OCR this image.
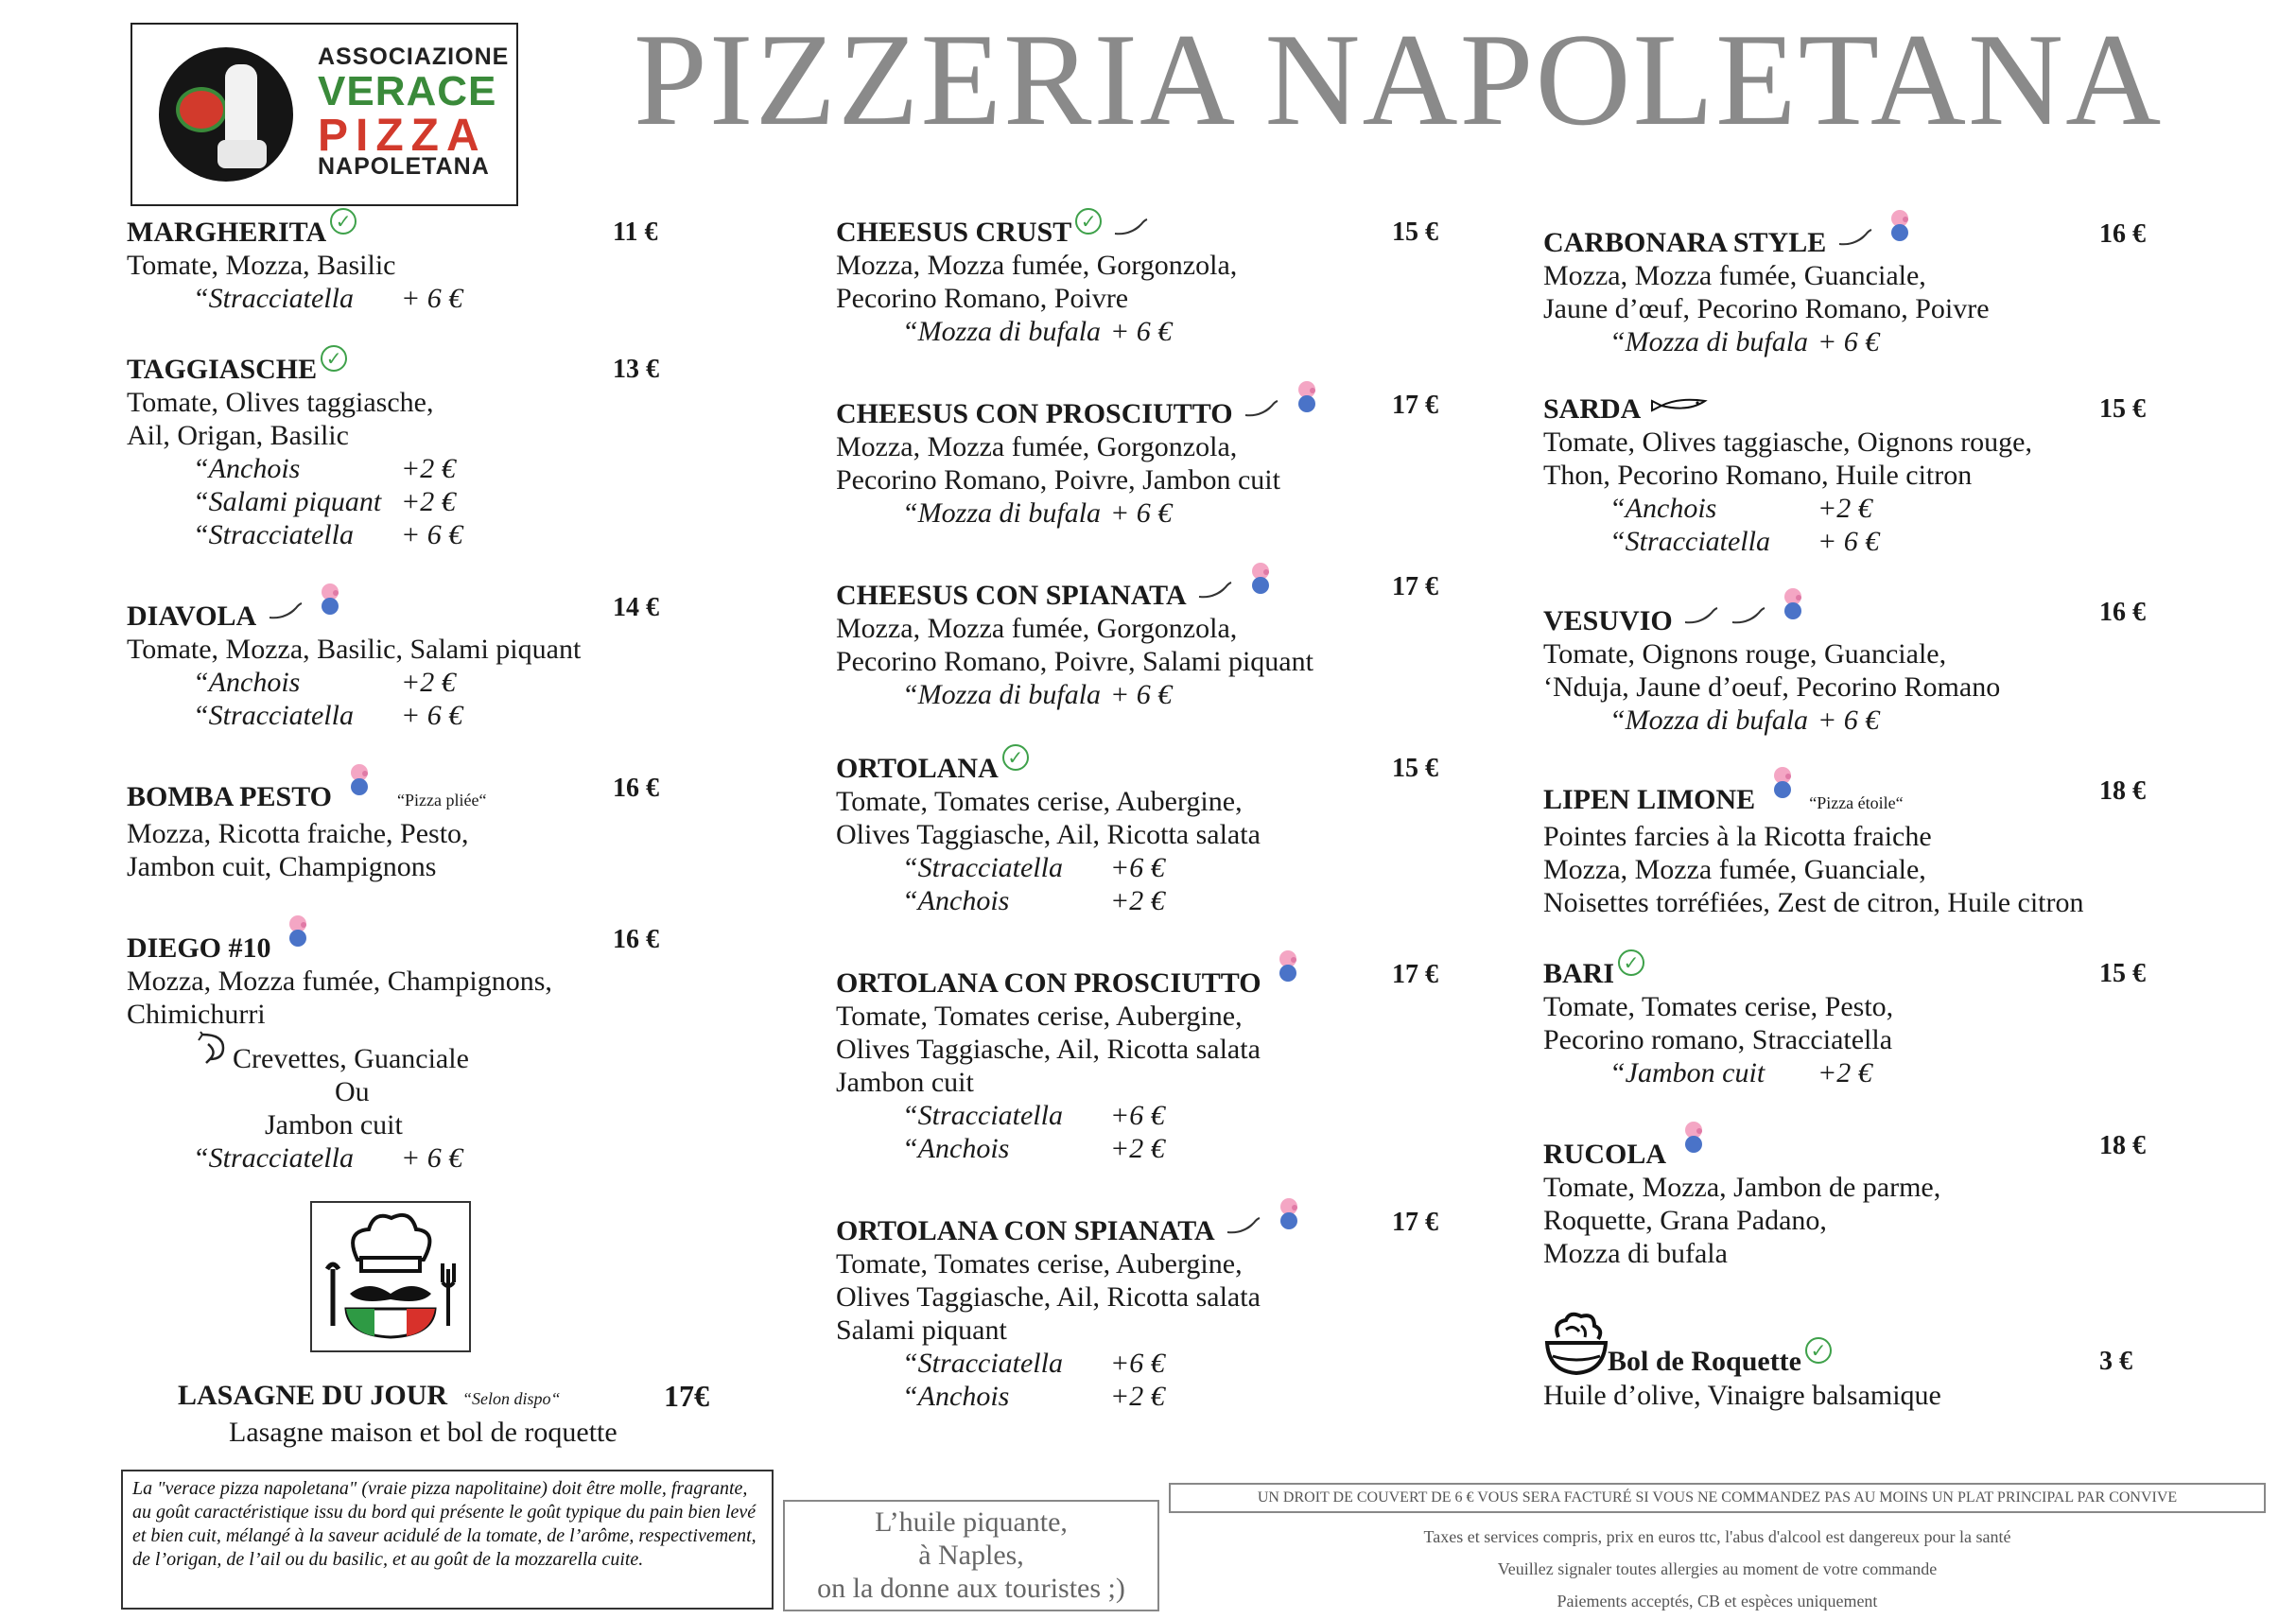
ASSOCIAZIONE
VERACE
PIZZA
NAPOLETANA
PIZZERIA NAPOLETANA
MARGHERITA ✓	11 €
Tomate, Mozza, Basilic
“Stracciatella + 6 €
TAGGIASCHE ✓	13 €
Tomate, Olives taggiasche,
Ail, Origan, Basilic
“Anchois	+2 €
“Salami piquant +2 €
“Stracciatella + 6 €
DIAVOLA	14 €
Tomate, Mozza, Basilic, Salami piquant
“Anchois	+2 €
“Stracciatella + 6 €
BOMBA PESTO	“Pizza pliée“	16 €
Mozza, Ricotta fraiche, Pesto,
Jambon cuit, Champignons
DIEGO #10	16 €
Mozza, Mozza fumée, Champignons,
Chimichurri
Crevettes, Guanciale
Ou
Jambon cuit
“Stracciatella + 6 €
LASAGNE DU JOUR “Selon dispo“	17€
Lasagne maison et bol de roquette
CHEESUS CRUST ✓	15 €
Mozza, Mozza fumée, Gorgonzola,
Pecorino Romano, Poivre
“Mozza di bufala + 6 €
CHEESUS CON PROSCIUTTO	17 €
Mozza, Mozza fumée, Gorgonzola,
Pecorino Romano, Poivre, Jambon cuit
“Mozza di bufala + 6 €
CHEESUS CON SPIANATA	17 €
Mozza, Mozza fumée, Gorgonzola,
Pecorino Romano, Poivre, Salami piquant
“Mozza di bufala + 6 €
ORTOLANA ✓	15 €
Tomate, Tomates cerise, Aubergine,
Olives Taggiasche, Ail, Ricotta salata
“Stracciatella +6 €
“Anchois	+2 €
ORTOLANA CON PROSCIUTTO	17 €
Tomate, Tomates cerise, Aubergine,
Olives Taggiasche, Ail, Ricotta salata
Jambon cuit
“Stracciatella +6 €
“Anchois	+2 €
ORTOLANA CON SPIANATA	17 €
Tomate, Tomates cerise, Aubergine,
Olives Taggiasche, Ail, Ricotta salata
Salami piquant
“Stracciatella +6 €
“Anchois	+2 €
CARBONARA STYLE	16 €
Mozza, Mozza fumée, Guanciale,
Jaune d’œuf, Pecorino Romano, Poivre
“Mozza di bufala + 6 €
SARDA	15 €
Tomate, Olives taggiasche, Oignons rouge,
Thon, Pecorino Romano, Huile citron
“Anchois	+2 €
“Stracciatella + 6 €
VESUVIO	16 €
Tomate, Oignons rouge, Guanciale,
‘Nduja, Jaune d’oeuf, Pecorino Romano
“Mozza di bufala + 6 €
LIPEN LIMONE	“Pizza étoile“	18 €
Pointes farcies à la Ricotta fraiche
Mozza, Mozza fumée, Guanciale,
Noisettes torréfiées, Zest de citron, Huile citron
BARI ✓	15 €
Tomate, Tomates cerise, Pesto,
Pecorino romano, Stracciatella
“Jambon cuit +2 €
RUCOLA	18 €
Tomate, Mozza, Jambon de parme,
Roquette, Grana Padano,
Mozza di bufala
Bol de Roquette ✓	3 €
Huile d’olive, Vinaigre balsamique
La "verace pizza napoletana" (vraie pizza napolitaine) doit être molle, fragrante, au goût caractéristique issu du bord qui présente le goût typique du pain bien levé et bien cuit, mélangé à la saveur acidulé de la tomate, de l’arôme, respectivement, de l’origan, de l’ail ou du basilic, et au goût de la mozzarella cuite.
L’huile piquante,
à Naples,
on la donne aux touristes ;)
UN DROIT DE COUVERT DE 6 € VOUS SERA FACTURÉ SI VOUS NE COMMANDEZ PAS AU MOINS UN PLAT PRINCIPAL PAR CONVIVE
Taxes et services compris, prix en euros ttc, l'abus d'alcool est dangereux pour la santé
Veuillez signaler toutes allergies au moment de votre commande
Paiements acceptés, CB et espèces uniquement
